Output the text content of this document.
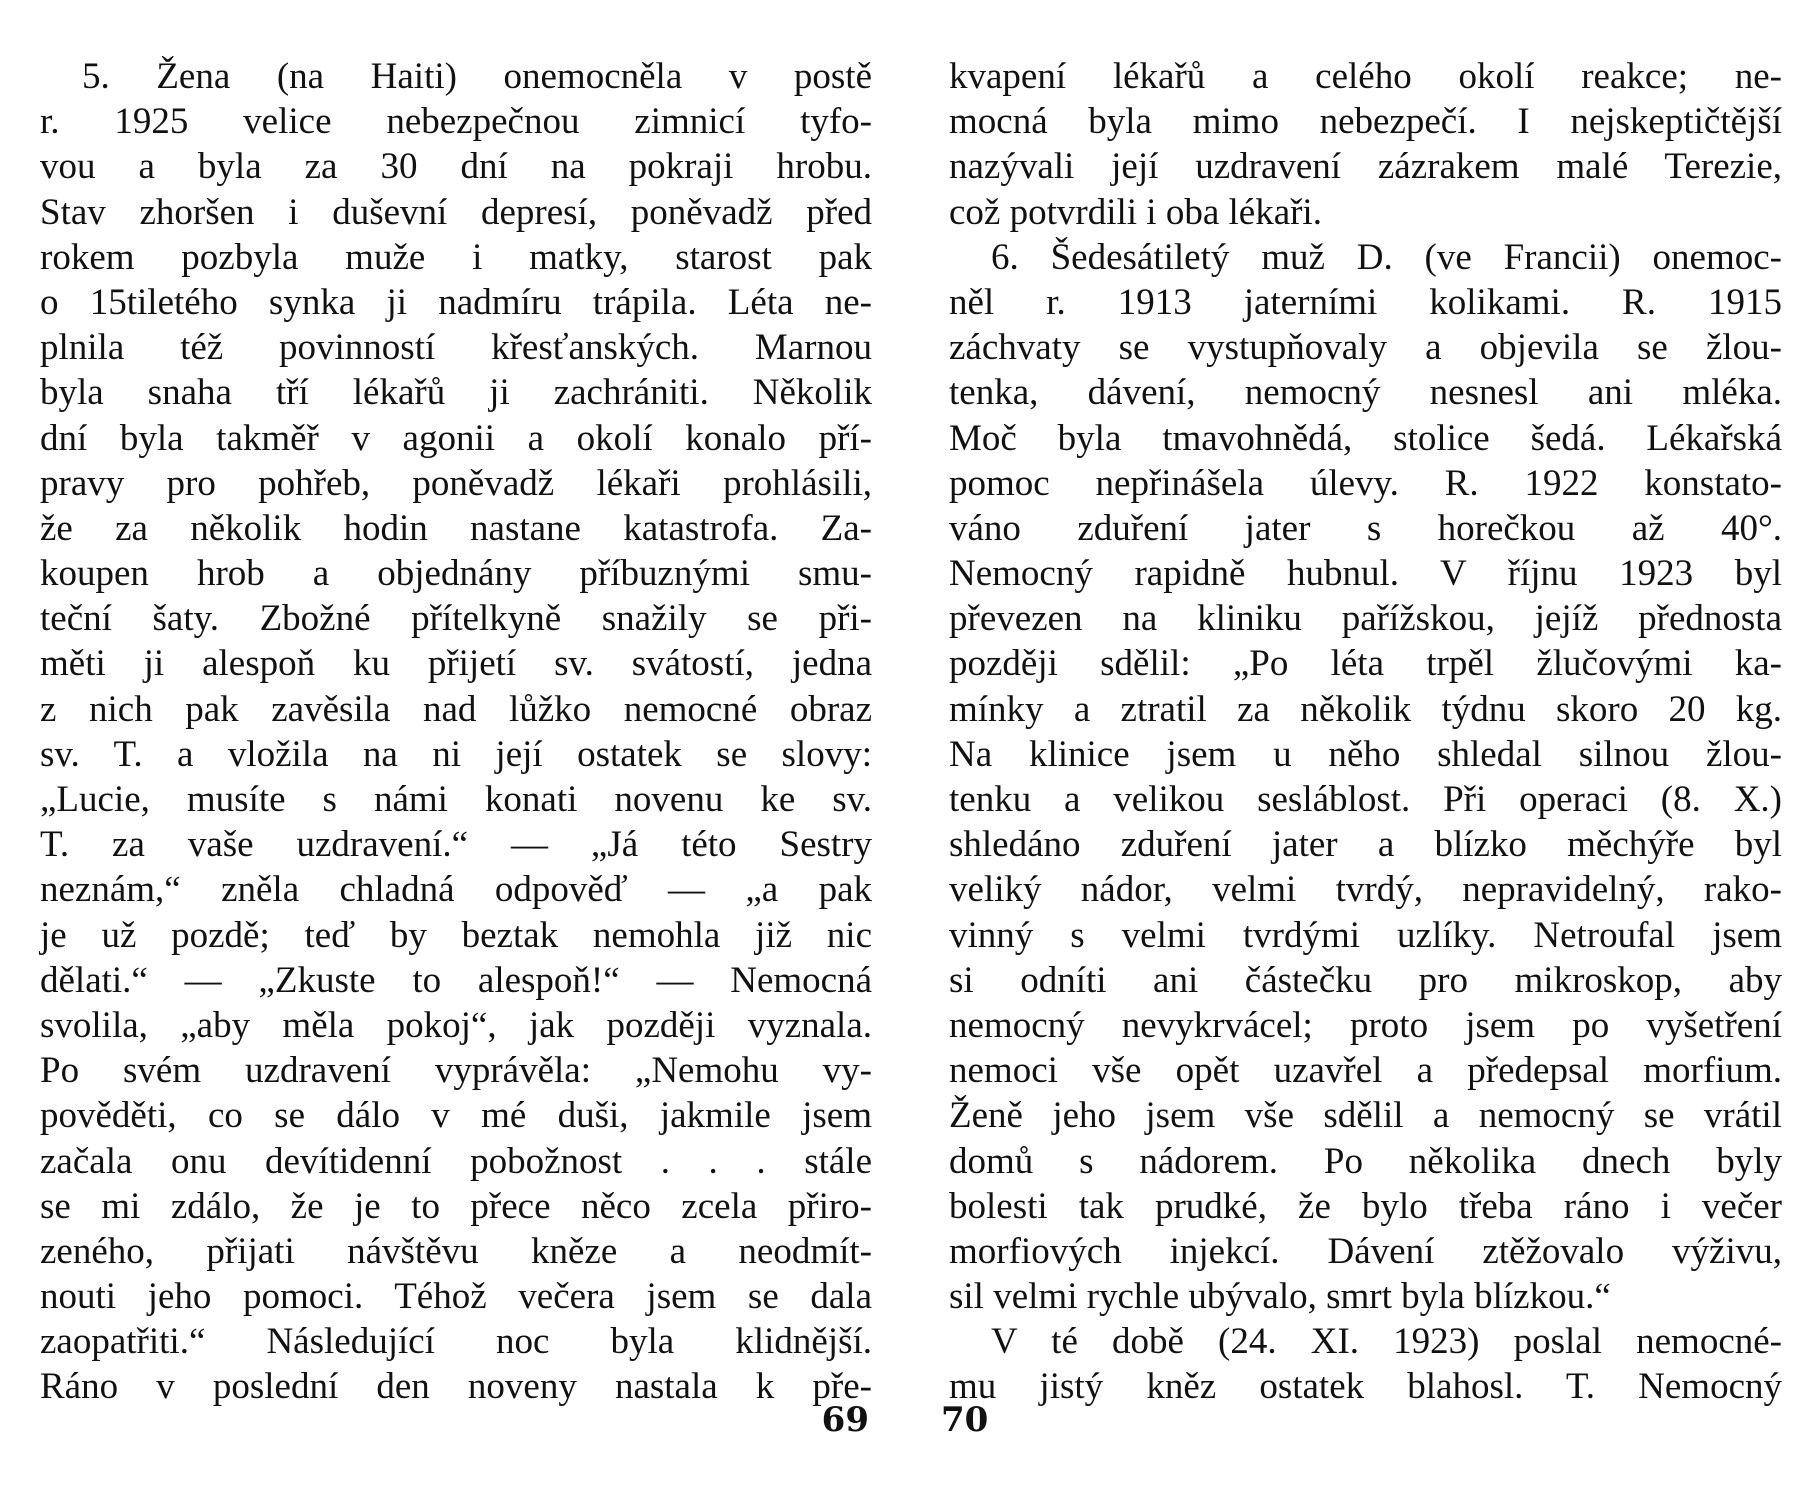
5. Žena (na Haiti) onemocněla v postě
r. 1925 velice nebezpečnou zimnicí tyfo-
vou a byla za 30 dní na pokraji hrobu.
Stav zhoršen i duševní depresí, poněvadž před
rokem pozbyla muže i matky, starost pak
o 15tiletého synka ji nadmíru trápila. Léta ne-
plnila též povinností křesťanských. Marnou
byla snaha tří lékařů ji zachrániti. Několik
dní byla takměř v agonii a okolí konalo pří-
pravy pro pohřeb, poněvadž lékaři prohlásili,
že za několik hodin nastane katastrofa. Za-
koupen hrob a objednány příbuznými smu-
teční šaty. Zbožné přítelkyně snažily se při-
měti ji alespoň ku přijetí sv. svátostí, jedna
z nich pak zavěsila nad lůžko nemocné obraz
sv. T. a vložila na ni její ostatek se slovy:
„Lucie, musíte s námi konati novenu ke sv.
T. za vaše uzdravení.“ — „Já této Sestry
neznám,“ zněla chladná odpověď — „a pak
je už pozdě; teď by beztak nemohla již nic
dělati.“ — „Zkuste to alespoň!“ — Nemocná
svolila, „aby měla pokoj“, jak později vyznala.
Po svém uzdravení vyprávěla: „Nemohu vy-
pověděti, co se dálo v mé duši, jakmile jsem
začala onu devítidenní pobožnost . . . stále
se mi zdálo, že je to přece něco zcela přiro-
zeného, přijati návštěvu kněze a neodmít-
nouti jeho pomoci. Téhož večera jsem se dala
zaopatřiti.“ Následující noc byla klidnější.
Ráno v poslední den noveny nastala k pře-
69
kvapení lékařů a celého okolí reakce; ne-
mocná byla mimo nebezpečí. I nejskeptičtější
nazývali její uzdravení zázrakem malé Terezie,
což potvrdili i oba lékaři.
6. Šedesátiletý muž D. (ve Francii) onemoc-
něl r. 1913 jaterními kolikami. R. 1915
záchvaty se vystupňovaly a objevila se žlou-
tenka, dávení, nemocný nesnesl ani mléka.
Moč byla tmavohnědá, stolice šedá. Lékařská
pomoc nepřinášela úlevy. R. 1922 konstato-
váno zduření jater s horečkou až 40°.
Nemocný rapidně hubnul. V říjnu 1923 byl
převezen na kliniku pařížskou, jejíž přednosta
později sdělil: „Po léta trpěl žlučovými ka-
mínky a ztratil za několik týdnu skoro 20 kg.
Na klinice jsem u něho shledal silnou žlou-
tenku a velikou sesláblost. Při operaci (8. X.)
shledáno zduření jater a blízko měchýře byl
veliký nádor, velmi tvrdý, nepravidelný, rako-
vinný s velmi tvrdými uzlíky. Netroufal jsem
si odníti ani částečku pro mikroskop, aby
nemocný nevykrvácel; proto jsem po vyšetření
nemoci vše opět uzavřel a předepsal morfium.
Ženě jeho jsem vše sdělil a nemocný se vrátil
domů s nádorem. Po několika dnech byly
bolesti tak prudké, že bylo třeba ráno i večer
morfiových injekcí. Dávení ztěžovalo výživu,
sil velmi rychle ubývalo, smrt byla blízkou.“
V té době (24. XI. 1923) poslal nemocné-
mu jistý kněz ostatek blahosl. T. Nemocný
70
